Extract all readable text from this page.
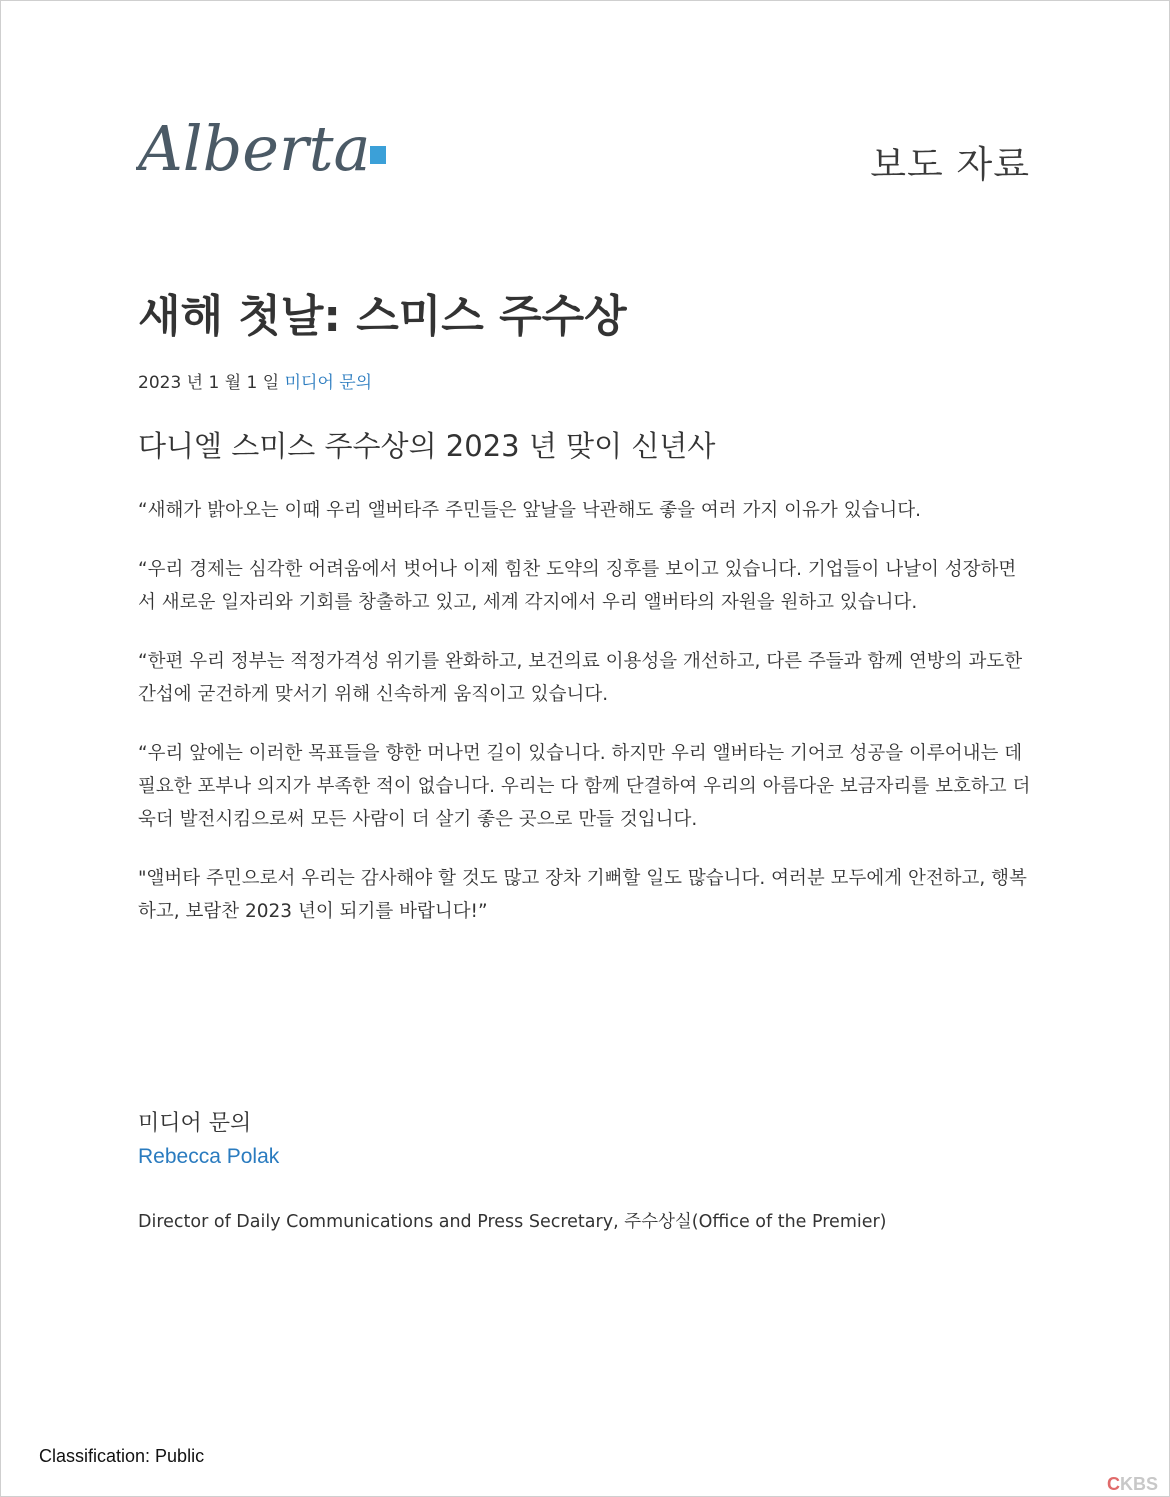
Alberta	보도 자료
새해 첫날: 스미스 주수상
2023 년 1 월 1 일 미디어 문의
다니엘 스미스 주수상의 2023 년 맞이 신년사

“새해가 밝아오는 이때 우리 앨버타주 주민들은 앞날을 낙관해도 좋을 여러 가지 이유가 있습니다.

“우리 경제는 심각한 어려움에서 벗어나 이제 힘찬 도약의 징후를 보이고 있습니다. 기업들이 나날이 성장하면서 새로운 일자리와 기회를 창출하고 있고, 세계 각지에서 우리 앨버타의 자원을 원하고 있습니다.

“한편 우리 정부는 적정가격성 위기를 완화하고, 보건의료 이용성을 개선하고, 다른 주들과 함께 연방의 과도한 간섭에 굳건하게 맞서기 위해 신속하게 움직이고 있습니다.

“우리 앞에는 이러한 목표들을 향한 머나먼 길이 있습니다. 하지만 우리 앨버타는 기어코 성공을 이루어내는 데 필요한 포부나 의지가 부족한 적이 없습니다. 우리는 다 함께 단결하여 우리의 아름다운 보금자리를 보호하고 더욱더 발전시킴으로써 모든 사람이 더 살기 좋은 곳으로 만들 것입니다.

"앨버타 주민으로서 우리는 감사해야 할 것도 많고 장차 기뻐할 일도 많습니다. 여러분 모두에게 안전하고, 행복하고, 보람찬 2023 년이 되기를 바랍니다!”

미디어 문의
Rebecca Polak
Director of Daily Communications and Press Secretary, 주수상실(Office of the Premier)
Classification: Public
CKBS
